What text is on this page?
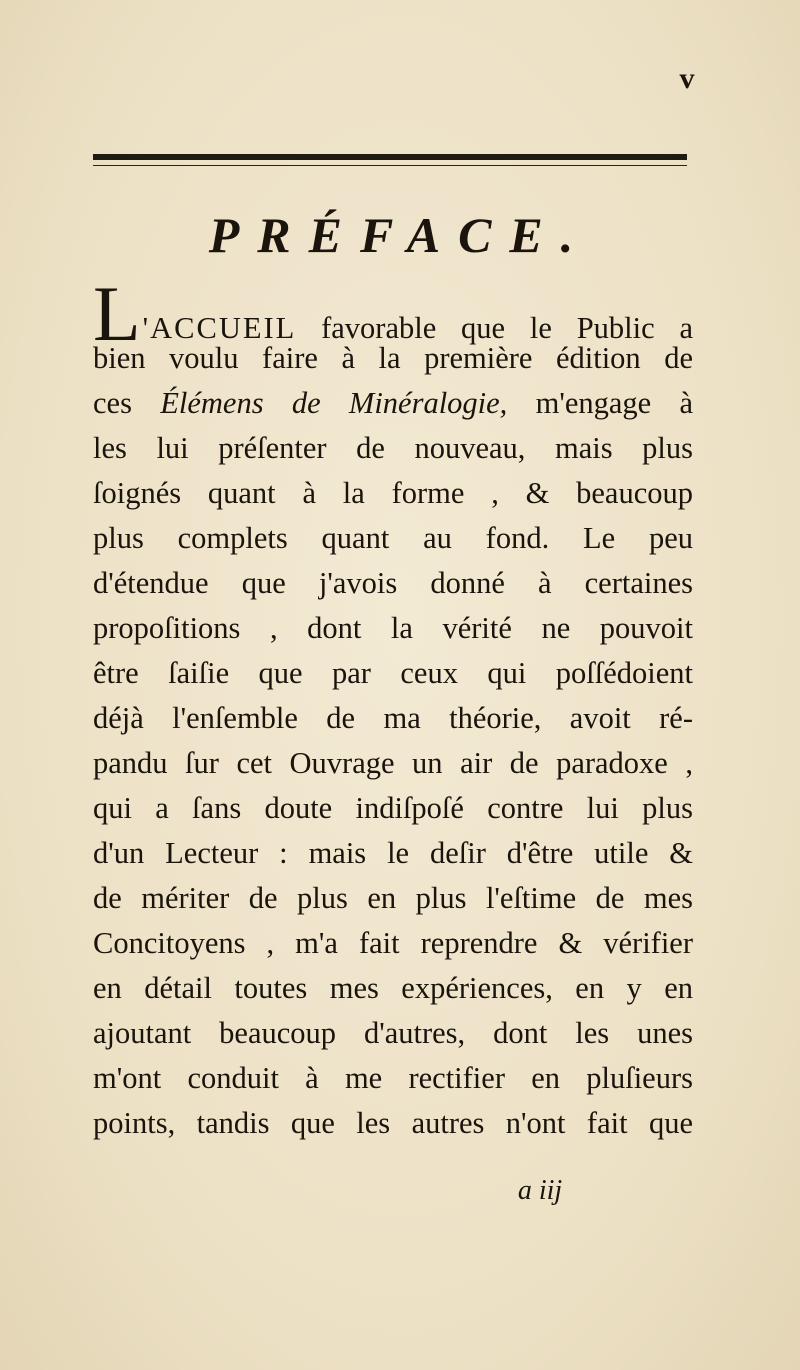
v
PRÉFACE.
L'ACCUEIL favorable que le Public a
bien voulu faire à la première édition de
ces Élémens de Minéralogie, m'engage à
les lui préſenter de nouveau, mais plus
ſoignés quant à la forme , & beaucoup
plus complets quant au fond. Le peu
d'étendue que j'avois donné à certaines
propoſitions , dont la vérité ne pouvoit
être ſaiſie que par ceux qui poſſédoient
déjà l'enſemble de ma théorie, avoit ré-
pandu ſur cet Ouvrage un air de paradoxe ,
qui a ſans doute indiſpoſé contre lui plus
d'un Lecteur : mais le deſir d'être utile &
de mériter de plus en plus l'eſtime de mes
Concitoyens , m'a fait reprendre & vérifier
en détail toutes mes expériences, en y en
ajoutant beaucoup d'autres, dont les unes
m'ont conduit à me rectifier en pluſieurs
points, tandis que les autres n'ont fait que
a iij
